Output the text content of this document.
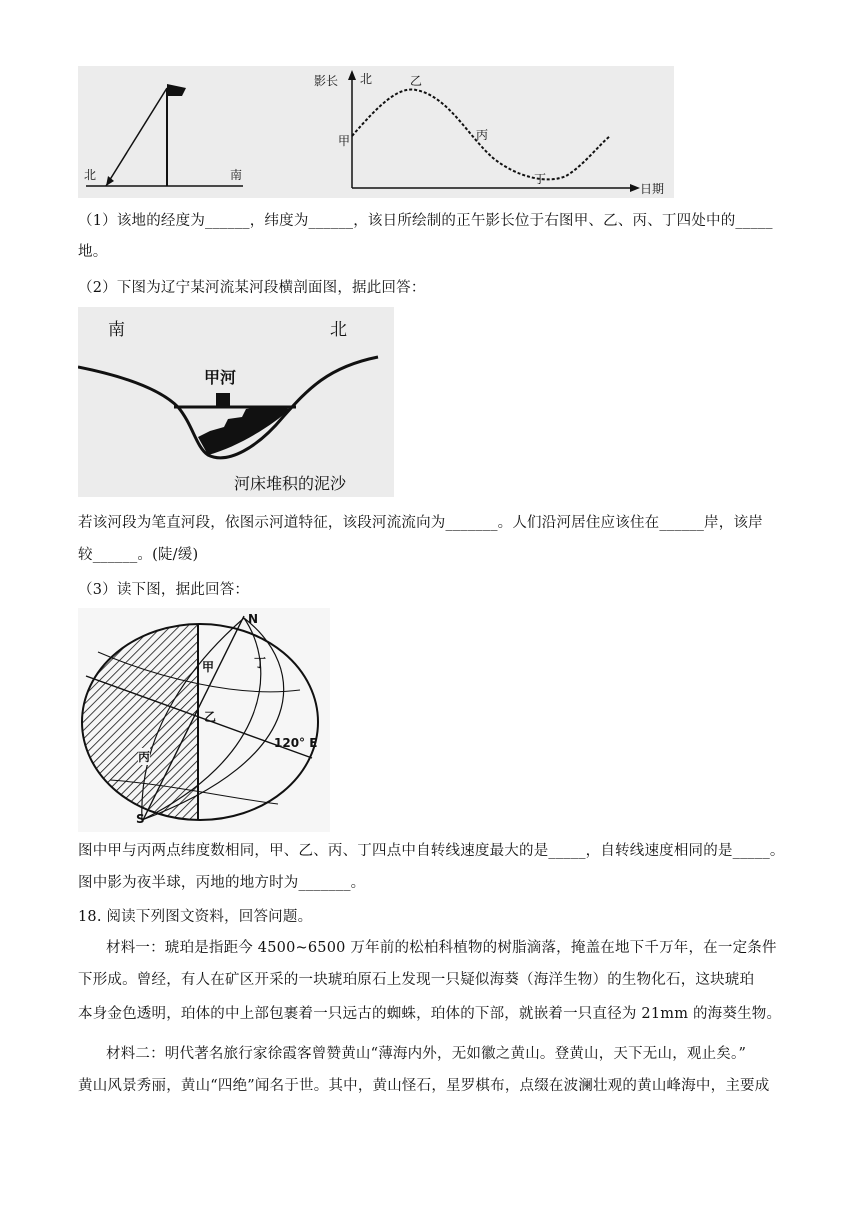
北	南
影长 北
甲
乙
丙
丁
日期
（1）该地的经度为______，纬度为______，该日所绘制的正午影长位于右图甲、乙、丙、丁四处中的_____
地。
（2）下图为辽宁某河流某河段横剖面图，据此回答：
南	北
甲河
河床堆积的泥沙
若该河段为笔直河段，依图示河道特征，该段河流流向为_______。人们沿河居住应该住在______岸，该岸
较______。(陡/缓)
（3）读下图，据此回答：
N
甲	丁
乙
丙
120° E
S
图中甲与丙两点纬度数相同，甲、乙、丙、丁四点中自转线速度最大的是_____，自转线速度相同的是_____。
图中影为夜半球，丙地的地方时为_______。
18. 阅读下列图文资料，回答问题。
材料一：琥珀是指距今 4500~6500 万年前的松柏科植物的树脂滴落，掩盖在地下千万年，在一定条件
下形成。曾经，有人在矿区开采的一块琥珀原石上发现一只疑似海葵（海洋生物）的生物化石，这块琥珀
本身金色透明，珀体的中上部包裹着一只远古的蜘蛛，珀体的下部，就嵌着一只直径为 21mm 的海葵生物。
材料二：明代著名旅行家徐霞客曾赞黄山“薄海内外，无如徽之黄山。登黄山，天下无山，观止矣。”
黄山风景秀丽，黄山“四绝”闻名于世。其中，黄山怪石，星罗棋布，点缀在波澜壮观的黄山峰海中，主要成
